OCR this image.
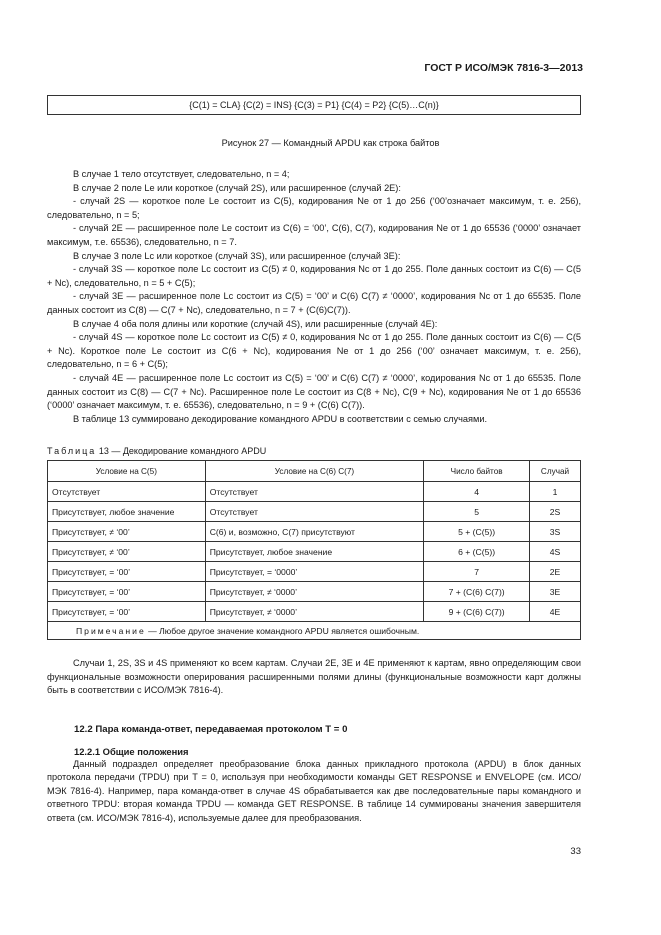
ГОСТ Р ИСО/МЭК 7816-3—2013
{C(1) = CLA} {C(2) = INS} {C(3) = P1} {C(4) = P2} {C(5)…C(n)}
Рисунок 27 — Командный APDU как строка байтов

В случае 1 тело отсутствует, следовательно, n = 4;

В случае 2 поле Le или короткое (случай 2S), или расширенное (случай 2E):

- случай 2S — короткое поле Le состоит из C(5), кодирования Ne от 1 до 256 (‘00’означает максимум, т. е. 256), следовательно, n = 5;

- случай 2E — расширенное поле Le состоит из C(6) = ‘00’, C(6), C(7), кодирования Ne от 1 до 65536 (‘0000’ означает максимум, т.е. 65536), следовательно, n = 7.

В случае 3 поле Lc или короткое (случай 3S), или расширенное (случай 3E):

- случай 3S — короткое поле Lc состоит из C(5) ≠ 0, кодирования Nc от 1 до 255. Поле данных состоит из C(6) — C(5 + Nc), следовательно, n = 5 + C(5);

- случай 3E — расширенное поле Lc состоит из C(5) = ‘00’ и C(6) C(7) ≠ ‘0000’, кодирования Nc от 1 до 65535. Поле данных состоит из C(8) — C(7 + Nc), следовательно, n = 7 + (C(6)C(7)).

В случае 4 оба поля длины или короткие (случай 4S), или расширенные (случай 4E):

- случай 4S — короткое поле Lc состоит из C(5) ≠ 0, кодирования Nc от 1 до 255. Поле данных состоит из C(6) — C(5 + Nc). Короткое поле Le состоит из C(6 + Nc), кодирования Ne от 1 до 256 (‘00’ означает максимум, т. е. 256), следовательно, n = 6 + C(5);

- случай 4E — расширенное поле Lc состоит из C(5) = ‘00’ и C(6) C(7) ≠ ‘0000’, кодирования Nc от 1 до 65535. Поле данных состоит из C(8) — C(7 + Nc). Расширенное поле Le состоит из C(8 + Nc), C(9 + Nc), кодирования Ne от 1 до 65536 (‘0000’ означает максимум, т. е. 65536), следовательно, n = 9 + (C(6) C(7)).

В таблице 13 суммировано декодирование командного APDU в соответствии с семью случаями.

Таблица 13 — Декодирование командного APDU
Условие на C(5)	Условие на C(6) C(7)	Число байтов	Случай
Отсутствует	Отсутствует	4	1
Присутствует, любое значение	Отсутствует	5	2S
Присутствует, ≠ ‘00’	C(6) и, возможно, C(7) присутствуют	5 + (C(5))	3S
Присутствует, ≠ ‘00’	Присутствует, любое значение	6 + (C(5))	4S
Присутствует, = ‘00’	Присутствует, = ‘0000’	7	2E
Присутствует, = ‘00’	Присутствует, ≠ ‘0000’	7 + (C(6) C(7))	3E
Присутствует, = ‘00’	Присутствует, ≠ ‘0000’	9 + (C(6) C(7))	4E
Примечание — Любое другое значение командного APDU является ошибочным.			

Случаи 1, 2S, 3S и 4S применяют ко всем картам. Случаи 2E, 3E и 4E применяют к картам, явно определяющим свои функциональные возможности оперирования расширенными полями длины (функциональные возможности карт должны быть в соответствии с ИСО/МЭК 7816-4).

12.2 Пара команда-ответ, передаваемая протоколом T = 0
12.2.1 Общие положения

Данный подраздел определяет преобразование блока данных прикладного протокола (APDU) в блок данных протокола передачи (TPDU) при T = 0, используя при необходимости команды GET RESPONSE и ENVELOPE (см. ИСО/МЭК 7816-4). Например, пара команда-ответ в случае 4S обрабатывается как две последовательные пары командного и ответного TPDU: вторая команда TPDU — команда GET RESPONSE. В таблице 14 суммированы значения завершителя ответа (см. ИСО/МЭК 7816-4), используемые далее для преобразования.

33
